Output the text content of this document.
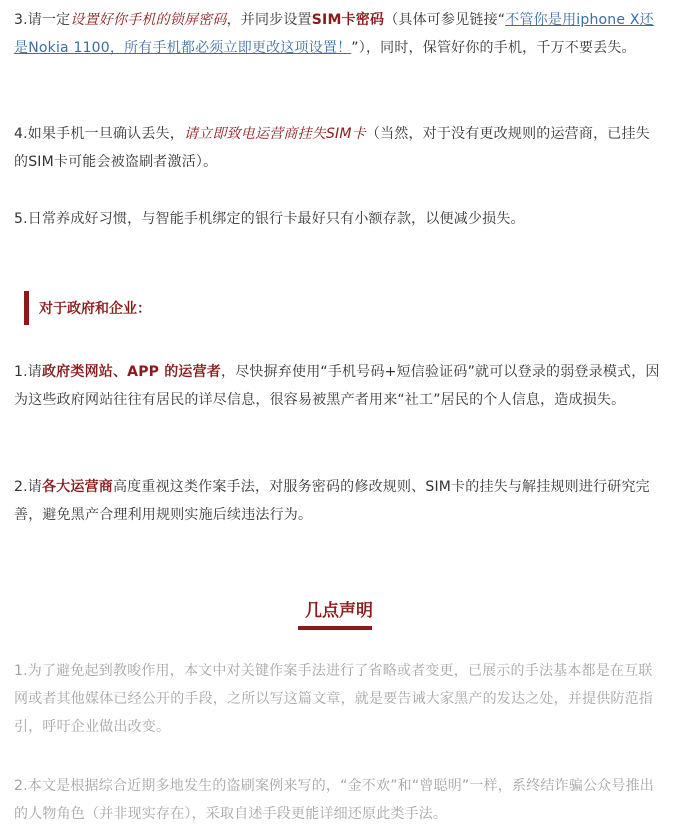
3.请一定设置好你手机的锁屏密码，并同步设置SIM卡密码（具体可参见链接“不管你是用iphone X还是Nokia 1100，所有手机都必须立即更改这项设置！”），同时，保管好你的手机，千万不要丢失。

4.如果手机一旦确认丢失，请立即致电运营商挂失SIM卡（当然，对于没有更改规则的运营商，已挂失的SIM卡可能会被盗刷者激活）。

5.日常养成好习惯，与智能手机绑定的银行卡最好只有小额存款，以便减少损失。

对于政府和企业：

1.请政府类网站、APP 的运营者，尽快摒弃使用“手机号码+短信验证码”就可以登录的弱登录模式，因为这些政府网站往往有居民的详尽信息，很容易被黑产者用来“社工”居民的个人信息，造成损失。

2.请各大运营商高度重视这类作案手法，对服务密码的修改规则、SIM卡的挂失与解挂规则进行研究完善，避免黑产合理利用规则实施后续违法行为。

几点声明

1.为了避免起到教唆作用，本文中对关键作案手法进行了省略或者变更，已展示的手法基本都是在互联网或者其他媒体已经公开的手段，之所以写这篇文章，就是要告诫大家黑产的发达之处，并提供防范指引，呼吁企业做出改变。

2.本文是根据综合近期多地发生的盗刷案例来写的，“金不欢”和“曾聪明”一样，系终结诈骗公众号推出的人物角色（并非现实存在），采取自述手段更能详细还原此类手法。
